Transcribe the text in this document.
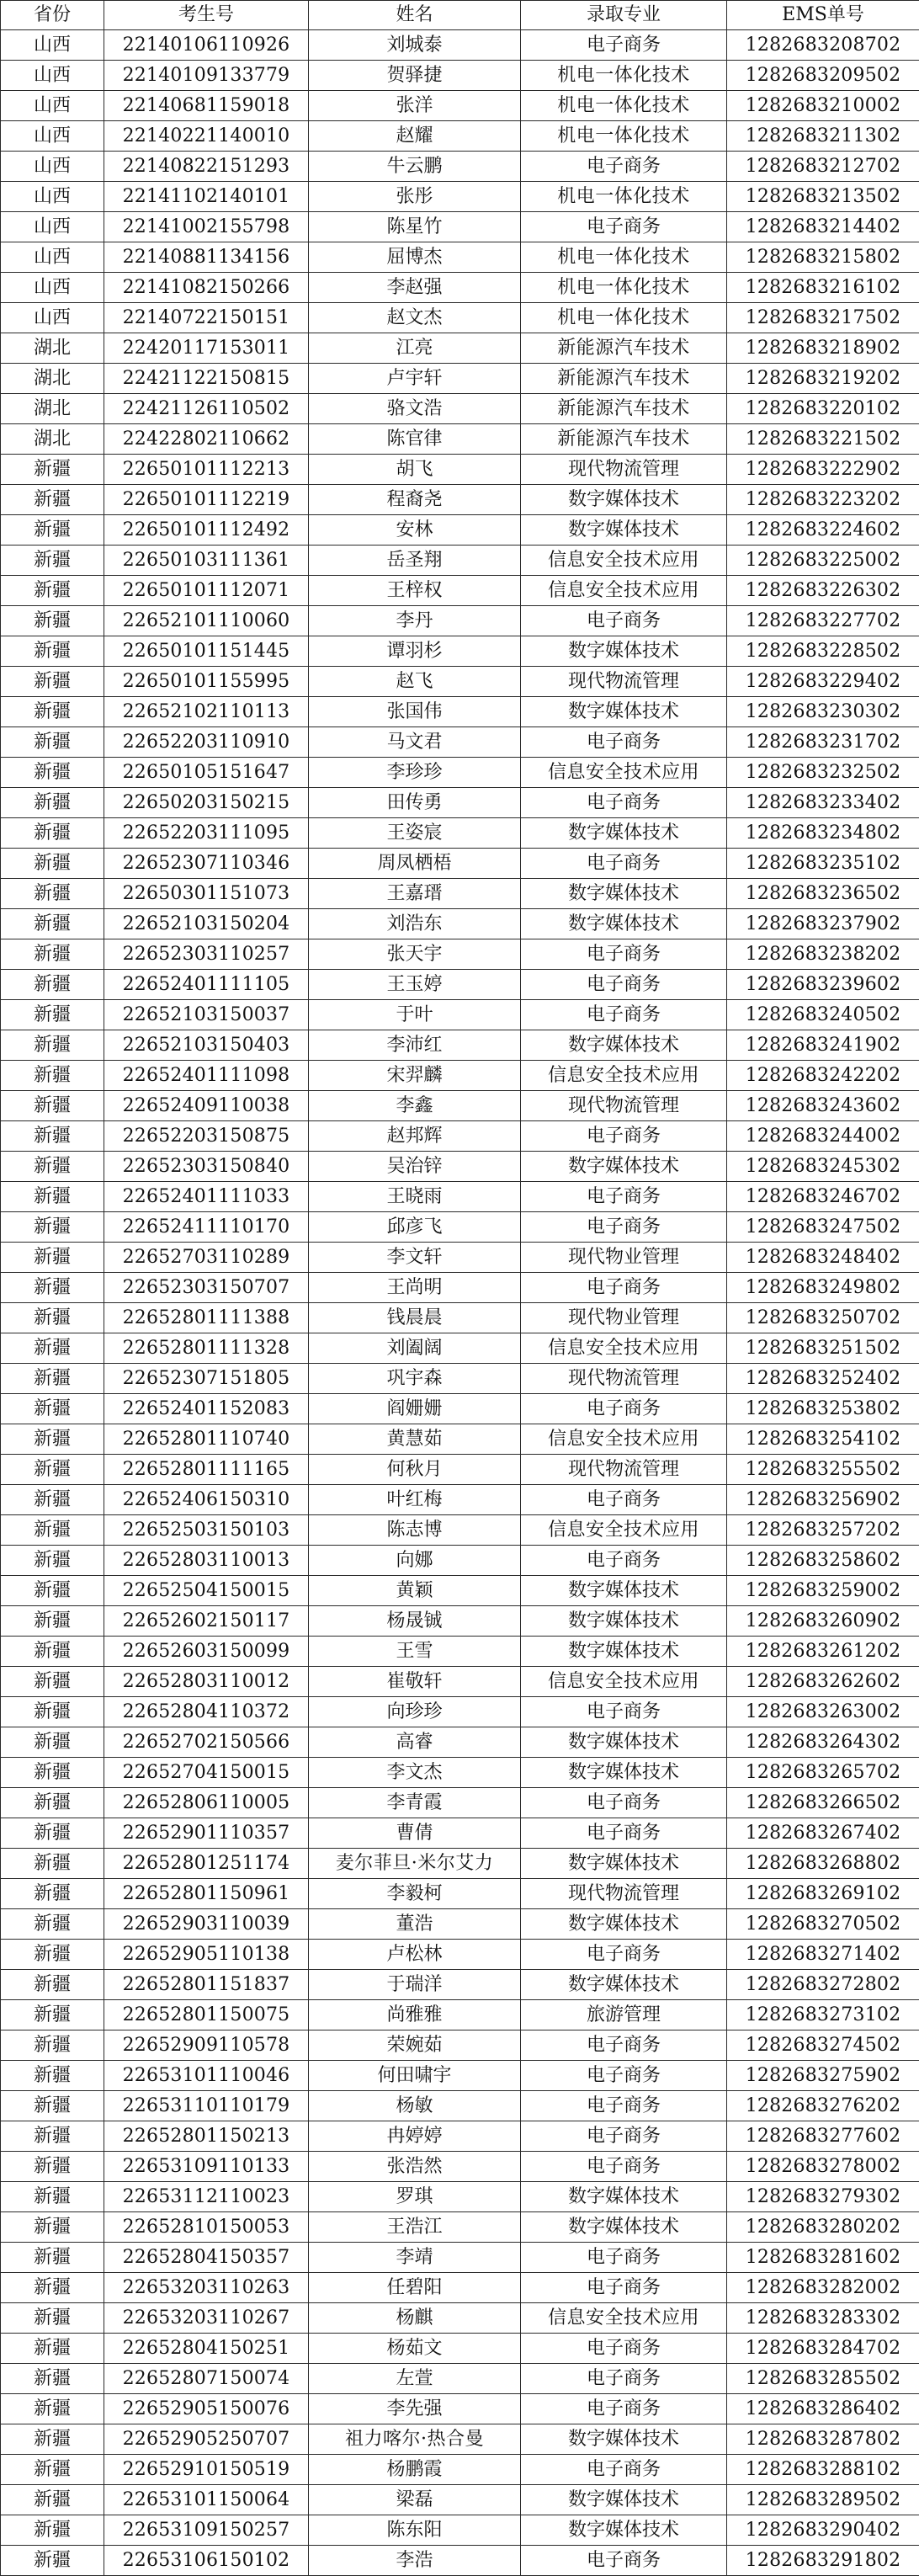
省份	考生号	姓名	录取专业	EMS单号
山西	22140106110926	刘城泰	电子商务	1282683208702
山西	22140109133779	贺驿捷	机电一体化技术	1282683209502
山西	22140681159018	张洋	机电一体化技术	1282683210002
山西	22140221140010	赵耀	机电一体化技术	1282683211302
山西	22140822151293	牛云鹏	电子商务	1282683212702
山西	22141102140101	张彤	机电一体化技术	1282683213502
山西	22141002155798	陈星竹	电子商务	1282683214402
山西	22140881134156	屈博杰	机电一体化技术	1282683215802
山西	22141082150266	李赵强	机电一体化技术	1282683216102
山西	22140722150151	赵文杰	机电一体化技术	1282683217502
湖北	22420117153011	江亮	新能源汽车技术	1282683218902
湖北	22421122150815	卢宇轩	新能源汽车技术	1282683219202
湖北	22421126110502	骆文浩	新能源汽车技术	1282683220102
湖北	22422802110662	陈官律	新能源汽车技术	1282683221502
新疆	22650101112213	胡飞	现代物流管理	1282683222902
新疆	22650101112219	程裔尧	数字媒体技术	1282683223202
新疆	22650101112492	安林	数字媒体技术	1282683224602
新疆	22650103111361	岳圣翔	信息安全技术应用	1282683225002
新疆	22650101112071	王梓权	信息安全技术应用	1282683226302
新疆	22652101110060	李丹	电子商务	1282683227702
新疆	22650101151445	谭羽杉	数字媒体技术	1282683228502
新疆	22650101155995	赵飞	现代物流管理	1282683229402
新疆	22652102110113	张国伟	数字媒体技术	1282683230302
新疆	22652203110910	马文君	电子商务	1282683231702
新疆	22650105151647	李珍珍	信息安全技术应用	1282683232502
新疆	22650203150215	田传勇	电子商务	1282683233402
新疆	22652203111095	王姿宸	数字媒体技术	1282683234802
新疆	22652307110346	周凤栖梧	电子商务	1282683235102
新疆	22650301151073	王嘉瑨	数字媒体技术	1282683236502
新疆	22652103150204	刘浩东	数字媒体技术	1282683237902
新疆	22652303110257	张天宇	电子商务	1282683238202
新疆	22652401111105	王玉婷	电子商务	1282683239602
新疆	22652103150037	于叶	电子商务	1282683240502
新疆	22652103150403	李沛红	数字媒体技术	1282683241902
新疆	22652401111098	宋羿麟	信息安全技术应用	1282683242202
新疆	22652409110038	李鑫	现代物流管理	1282683243602
新疆	22652203150875	赵邦辉	电子商务	1282683244002
新疆	22652303150840	吴治锌	数字媒体技术	1282683245302
新疆	22652401111033	王晓雨	电子商务	1282683246702
新疆	22652411110170	邱彦飞	电子商务	1282683247502
新疆	22652703110289	李文轩	现代物业管理	1282683248402
新疆	22652303150707	王尚明	电子商务	1282683249802
新疆	22652801111388	钱晨晨	现代物业管理	1282683250702
新疆	22652801111328	刘阖阔	信息安全技术应用	1282683251502
新疆	22652307151805	巩宇森	现代物流管理	1282683252402
新疆	22652401152083	阎姗姗	电子商务	1282683253802
新疆	22652801110740	黄慧茹	信息安全技术应用	1282683254102
新疆	22652801111165	何秋月	现代物流管理	1282683255502
新疆	22652406150310	叶红梅	电子商务	1282683256902
新疆	22652503150103	陈志博	信息安全技术应用	1282683257202
新疆	22652803110013	向娜	电子商务	1282683258602
新疆	22652504150015	黄颖	数字媒体技术	1282683259002
新疆	22652602150117	杨晟铖	数字媒体技术	1282683260902
新疆	22652603150099	王雪	数字媒体技术	1282683261202
新疆	22652803110012	崔敬轩	信息安全技术应用	1282683262602
新疆	22652804110372	向珍珍	电子商务	1282683263002
新疆	22652702150566	高睿	数字媒体技术	1282683264302
新疆	22652704150015	李文杰	数字媒体技术	1282683265702
新疆	22652806110005	李青霞	电子商务	1282683266502
新疆	22652901110357	曹倩	电子商务	1282683267402
新疆	22652801251174	麦尔菲旦·米尔艾力	数字媒体技术	1282683268802
新疆	22652801150961	李毅柯	现代物流管理	1282683269102
新疆	22652903110039	董浩	数字媒体技术	1282683270502
新疆	22652905110138	卢松林	电子商务	1282683271402
新疆	22652801151837	于瑞洋	数字媒体技术	1282683272802
新疆	22652801150075	尚雅雅	旅游管理	1282683273102
新疆	22652909110578	荣婉茹	电子商务	1282683274502
新疆	22653101110046	何田啸宇	电子商务	1282683275902
新疆	22653110110179	杨敏	电子商务	1282683276202
新疆	22652801150213	冉婷婷	电子商务	1282683277602
新疆	22653109110133	张浩然	电子商务	1282683278002
新疆	22653112110023	罗琪	数字媒体技术	1282683279302
新疆	22652810150053	王浩江	数字媒体技术	1282683280202
新疆	22652804150357	李靖	电子商务	1282683281602
新疆	22653203110263	任碧阳	电子商务	1282683282002
新疆	22653203110267	杨麒	信息安全技术应用	1282683283302
新疆	22652804150251	杨茹文	电子商务	1282683284702
新疆	22652807150074	左萱	电子商务	1282683285502
新疆	22652905150076	李先强	电子商务	1282683286402
新疆	22652905250707	祖力喀尔·热合曼	数字媒体技术	1282683287802
新疆	22652910150519	杨鹏霞	电子商务	1282683288102
新疆	22653101150064	梁磊	数字媒体技术	1282683289502
新疆	22653109150257	陈东阳	数字媒体技术	1282683290402
新疆	22653106150102	李浩	电子商务	1282683291802
